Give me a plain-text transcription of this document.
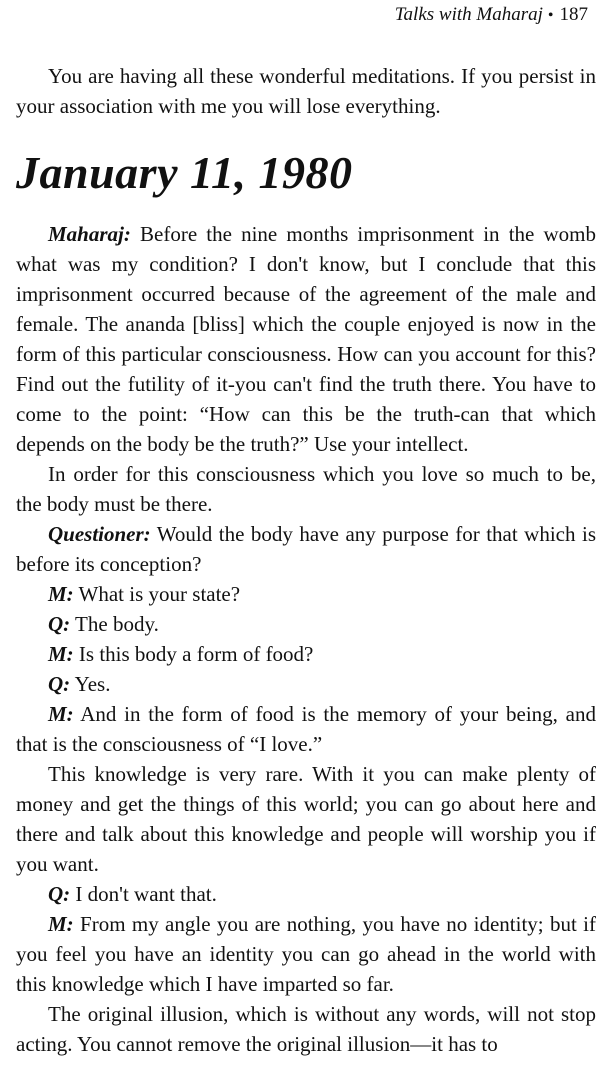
Talks with Maharaj • 187

You are having all these wonderful meditations. If you persist in your association with me you will lose everything.

January 11, 1980

Maharaj: Before the nine months imprisonment in the womb what was my condition? I don't know, but I conclude that this imprisonment occurred because of the agreement of the male and female. The ananda [bliss] which the couple enjoyed is now in the form of this particular consciousness. How can you account for this? Find out the futility of it-you can't find the truth there. You have to come to the point: “How can this be the truth-can that which depends on the body be the truth?” Use your intellect.

In order for this consciousness which you love so much to be, the body must be there.

Questioner: Would the body have any purpose for that which is before its conception?

M: What is your state?

Q: The body.

M: Is this body a form of food?

Q: Yes.

M: And in the form of food is the memory of your being, and that is the consciousness of “I love.”

This knowledge is very rare. With it you can make plenty of money and get the things of this world; you can go about here and there and talk about this knowledge and people will worship you if you want.

Q: I don't want that.

M: From my angle you are nothing, you have no identity; but if you feel you have an identity you can go ahead in the world with this knowledge which I have imparted so far.

The original illusion, which is without any words, will not stop acting. You cannot remove the original illusion—it has to
